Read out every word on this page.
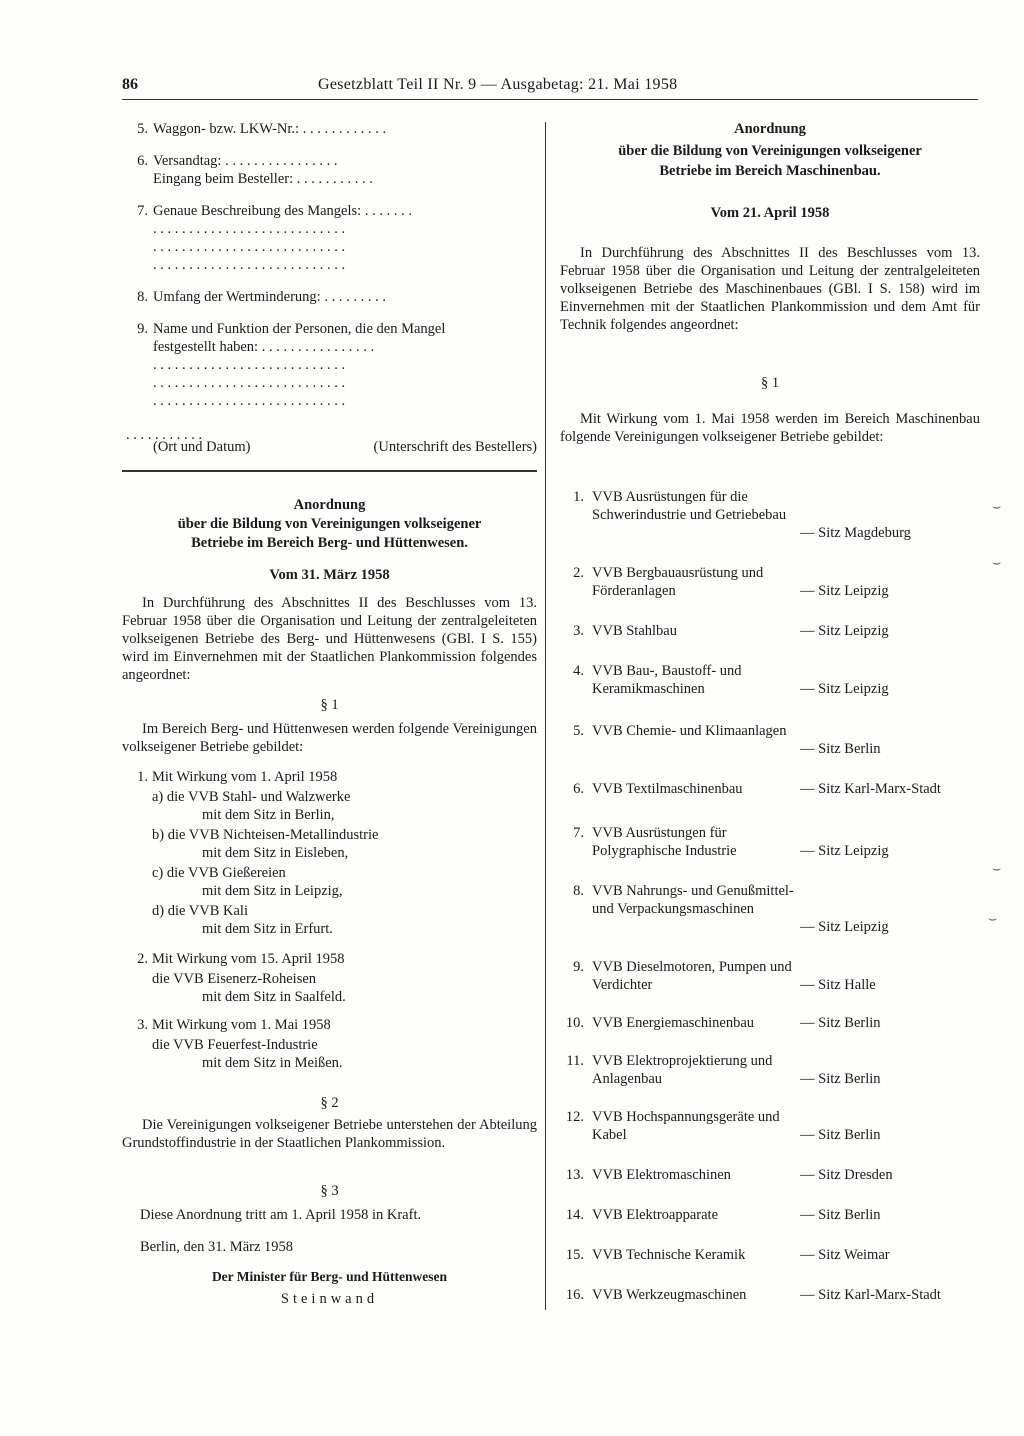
86	Gesetzblatt Teil II Nr. 9 — Ausgabetag: 21. Mai 1958
5. Waggon- bzw. LKW-Nr.: . . . . . . . . . . . .
6. Versandtag: . . . . . . . . . . . . . . . .
Eingang beim Besteller: . . . . . . . . . . .
7. Genaue Beschreibung des Mangels: . . . . . . .
. . . . . . . . . . . . . . . . . . . . . . . . . . .
. . . . . . . . . . . . . . . . . . . . . . . . . . .
. . . . . . . . . . . . . . . . . . . . . . . . . . .
8. Umfang der Wertminderung: . . . . . . . . .
9. Name und Funktion der Personen, die den Mangel
festgestellt haben: . . . . . . . . . . . . . . . .
. . . . . . . . . . . . . . . . . . . . . . . . . . .
. . . . . . . . . . . . . . . . . . . . . . . . . . .
. . . . . . . . . . . . . . . . . . . . . . . . . . .
. . . . . . . . . . .
(Ort und Datum)	(Unterschrift des Bestellers)
Anordnung
über die Bildung von Vereinigungen volkseigener
Betriebe im Bereich Berg- und Hüttenwesen.
Vom 31. März 1958
In Durchführung des Abschnittes II des Beschlusses vom 13. Februar 1958 über die Organisation und Leitung der zentralgeleiteten volkseigenen Betriebe des Berg- und Hüttenwesens (GBl. I S. 155) wird im Einvernehmen mit der Staatlichen Plankommission folgendes angeordnet:
§ 1
Im Bereich Berg- und Hüttenwesen werden folgende Vereinigungen volkseigener Betriebe gebildet:
1. Mit Wirkung vom 1. April 1958
a) die VVB Stahl- und Walzwerke
mit dem Sitz in Berlin,
b) die VVB Nichteisen-Metallindustrie
mit dem Sitz in Eisleben,
c) die VVB Gießereien
mit dem Sitz in Leipzig,
d) die VVB Kali
mit dem Sitz in Erfurt.
2. Mit Wirkung vom 15. April 1958
die VVB Eisenerz-Roheisen
mit dem Sitz in Saalfeld.
3. Mit Wirkung vom 1. Mai 1958
die VVB Feuerfest-Industrie
mit dem Sitz in Meißen.
§ 2
Die Vereinigungen volkseigener Betriebe unterstehen der Abteilung Grundstoffindustrie in der Staatlichen Plankommission.
§ 3
Diese Anordnung tritt am 1. April 1958 in Kraft.
Berlin, den 31. März 1958
Der Minister für Berg- und Hüttenwesen
Steinwand
Anordnung
über die Bildung von Vereinigungen volkseigener
Betriebe im Bereich Maschinenbau.
Vom 21. April 1958
In Durchführung des Abschnittes II des Beschlusses vom 13. Februar 1958 über die Organisation und Leitung der zentralgeleiteten volkseigenen Betriebe des Maschinenbaues (GBl. I S. 158) wird im Einvernehmen mit der Staatlichen Plankommission und dem Amt für Technik folgendes angeordnet:
§ 1
Mit Wirkung vom 1. Mai 1958 werden im Bereich Maschinenbau folgende Vereinigungen volkseigener Betriebe gebildet:
1. VVB Ausrüstungen für die Schwerindustrie und Getriebebau
— Sitz Magdeburg
2. VVB Bergbauausrüstung und Förderanlagen	— Sitz Leipzig
3. VVB Stahlbau	— Sitz Leipzig
4. VVB Bau-, Baustoff- und Keramikmaschinen	— Sitz Leipzig
5. VVB Chemie- und Klimaanlagen
— Sitz Berlin
6. VVB Textilmaschinenbau	— Sitz Karl-Marx-Stadt
7. VVB Ausrüstungen für Polygraphische Industrie	— Sitz Leipzig
8. VVB Nahrungs- und Genußmittel- und Verpackungsmaschinen
— Sitz Leipzig
9. VVB Dieselmotoren, Pumpen und Verdichter	— Sitz Halle
10. VVB Energiemaschinenbau	— Sitz Berlin
11. VVB Elektroprojektierung und Anlagenbau	— Sitz Berlin
12. VVB Hochspannungsgeräte und Kabel	— Sitz Berlin
13. VVB Elektromaschinen	— Sitz Dresden
14. VVB Elektroapparate	— Sitz Berlin
15. VVB Technische Keramik	— Sitz Weimar
16. VVB Werkzeugmaschinen	— Sitz Karl-Marx-Stadt
⌣
⌣
⌣
⌣
